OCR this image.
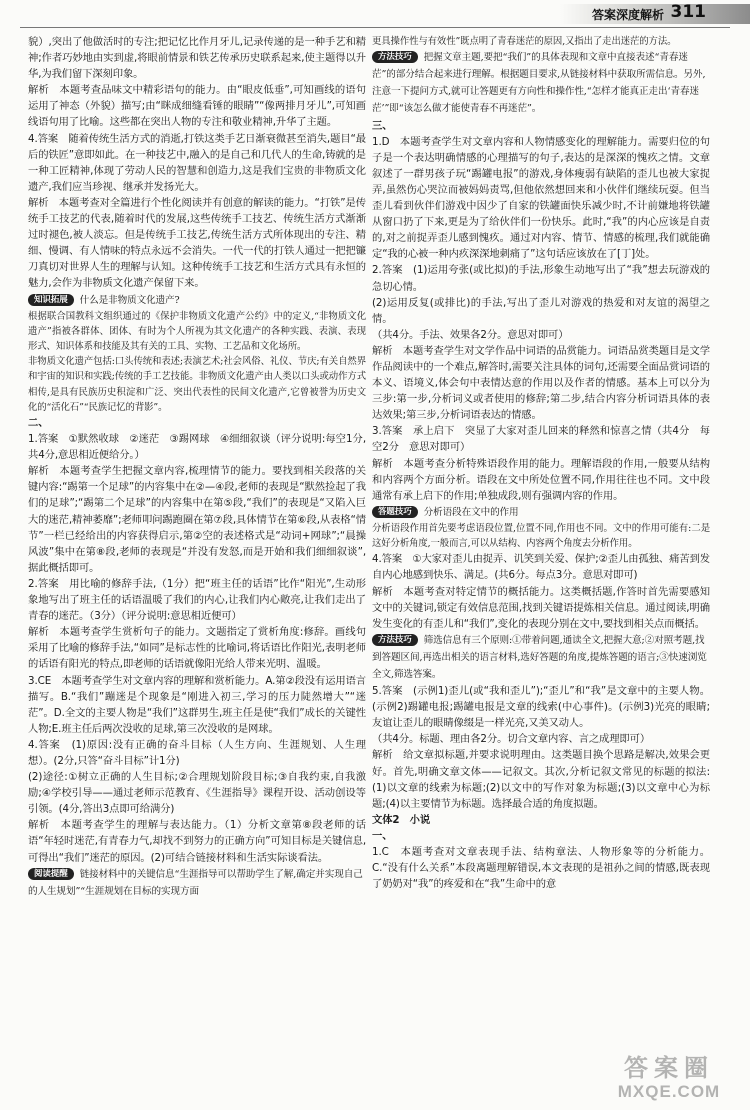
答案深度解析 311

貌）,突出了他做活时的专注;把记忆比作月牙儿,记录传递的是一种手艺和精神;作者巧妙地由实到虚,将眼前情景和铁艺传承历史联系起来,使主题得以升华,为我们留下深刻印象。

解析　本题考查品味文中精彩语句的能力。由“眼皮低垂”,可知画线的语句运用了神态（外貌）描写;由“眯成细缝看锤的眼睛”“像两排月牙儿”,可知画线语句用了比喻。这些都在突出人物的专注和敬业精神,升华了主题。

4.答案　随着传统生活方式的消逝,打铁这类手艺日渐衰微甚至消失,题目“最后的铁匠”意即如此。在一种技艺中,融入的是自己和几代人的生命,铸就的是一种工匠精神,体现了劳动人民的智慧和创造力,这是我们宝贵的非物质文化遗产,我们应当珍视、继承并发扬光大。

解析　本题考查对全篇进行个性化阅读并有创意的解读的能力。“打铁”是传统手工技艺的代表,随着时代的发展,这些传统手工技艺、传统生活方式渐渐过时褪色,被人淡忘。但是传统手工技艺,传统生活方式所体现出的专注、精细、慢调、有人情味的特点永远不会消失。一代一代的打铁人通过一把把镰刀真切对世界人生的理解与认知。这种传统手工技艺和生活方式具有永恒的魅力,会作为非物质文化遗产保留下来。

知识拓展 什么是非物质文化遗产?

根据联合国教科文组织通过的《保护非物质文化遗产公约》中的定义,“非物质文化遗产”指被各群体、团体、有时为个人所视为其文化遗产的各种实践、表演、表现形式、知识体系和技能及其有关的工具、实物、工艺品和文化场所。

非物质文化遗产包括:口头传统和表述;表演艺术;社会风俗、礼仪、节庆;有关自然界和宇宙的知识和实践;传统的手工艺技能。非物质文化遗产由人类以口头或动作方式相传,是具有民族历史积淀和广泛、突出代表性的民间文化遗产,它曾被誉为历史文化的“活化石”“民族记忆的背影”。

二、

1.答案　①默然收球　②迷茫　③踢网球　④细细叙谈（评分说明:每空1分,共4分,意思相近便给分。）

解析　本题考查学生把握文章内容,梳理情节的能力。要找到相关段落的关键内容:“踢第一个足球”的内容集中在②—④段,老师的表现是“默然捡起了我们的足球”;“踢第二个足球”的内容集中在第⑤段,“我们”的表现是“又陷入巨大的迷茫,精神萎靡”;老师叩问踢跑圈在第⑦段,具体情节在第⑥段,从表格“情节”一栏已经给出的内容获得启示,第②空的表述格式是“动词+网球”;“晨操风波”集中在第⑧段,老师的表现是“并没有发怒,而是开始和我们细细叙谈”,据此概括即可。

2.答案　用比喻的修辞手法,（1分）把“班主任的话语”比作“阳光”,生动形象地写出了班主任的话语温暖了我们的内心,让我们内心敞亮,让我们走出了青春的迷茫。（3分）（评分说明:意思相近便可）

解析　本题考查学生赏析句子的能力。文题指定了赏析角度:修辞。画线句采用了比喻的修辞手法,“如同”是标志性的比喻词,将话语比作阳光,表明老师的话语有阳光的特点,即老师的话语就像阳光给人带来光明、温暖。

3.CE　本题考查学生对文章内容的理解和赏析能力。A.第②段没有运用语言描写。B.“我们”蹦迷是个现象是“刚进入初三,学习的压力陡然增大”“迷茫”。D.全文的主要人物是“我们”这群男生,班主任是使“我们”成长的关键性人物;E.班主任后两次没收的足球,第三次没收的是网球。

4.答案　(1)原因:没有正确的奋斗目标（人生方向、生涯规划、人生理想）。(2分,只答“奋斗目标”计1分)

(2)途径:①树立正确的人生目标;②合理规划阶段目标;③自我约束,自我激励;④学校引导——通过老师示范教育、《生涯指导》课程开设、活动创设等引领。(4分,答出3点即可给满分)

解析　本题考查学生的理解与表达能力。（1）分析文章第⑧段老师的话语“年轻时迷茫,有青春力气,却找不到努力的正确方向”可知目标是关键信息,可得出“我们”迷茫的原因。(2)可结合链接材料和生活实际谈看法。

阅读提醒 链接材料中的关键信息“生涯指导可以帮助学生了解,确定并实现自己的人生规划”“生涯规划在目标的实现方面

更具操作性与有效性”既点明了青春迷茫的原因,又指出了走出迷茫的方法。

方法技巧 把握文章主题,要把“我们”的具体表现和文章中直接表述“青春迷茫”的部分结合起来进行理解。根据题目要求,从链接材料中获取所需信息。另外,注意一下提问方式,就可让答题更有方向性和操作性,“怎样才能真正走出‘青春迷茫’”即“该怎么做才能使青春不再迷茫”。

三、

1.D　本题考查学生对文章内容和人物情感变化的理解能力。需要归位的句子是一个表达明确情感的心理描写的句子,表达的是深深的愧疚之情。文章叙述了一群男孩子玩“踢罐电报”的游戏,身体瘦弱有缺陷的歪儿也被大家捉弄,虽然伤心哭泣而被妈妈责骂,但他依然想回来和小伙伴们继续玩耍。但当歪儿看到伙伴们游戏中因少了自家的铁罐面快乐减少时,不计前嫌地将铁罐从窗口扔了下来,更是为了给伙伴们一份快乐。此时,“我”的内心应该是自责的,对之前捉弄歪儿感到愧疚。通过对内容、情节、情感的梳理,我们就能确定“我的心被一种内疚深深地刺痛了”这句话应该放在了[丁]处。

2.答案　(1)运用夸张(或比拟)的手法,形象生动地写出了“我”想去玩游戏的急切心情。

(2)运用反复(或排比)的手法,写出了歪儿对游戏的热爱和对友谊的渴望之情。

（共4分。手法、效果各2分。意思对即可）

解析　本题考查学生对文学作品中词语的品赏能力。词语品赏类题目是文学作品阅读中的一个难点,解答时,需要关注具体的词句,还需要全面品赏词语的本义、语境义,体会句中表情达意的作用以及作者的情感。基本上可以分为三步:第一步,分析词义或者使用的修辞;第二步,结合内容分析词语具体的表达效果;第三步,分析词语表达的情感。

3.答案　承上启下　突显了大家对歪儿回来的释然和惊喜之情（共4分　每空2分　意思对即可）

解析　本题考查分析特殊语段作用的能力。理解语段的作用,一般要从结构和内容两个方面分析。语段在文中所处位置不同,作用往往也不同。文中段通常有承上启下的作用;单独成段,则有强调内容的作用。

答题技巧 分析语段在文中的作用

分析语段作用首先要考虑语段位置,位置不同,作用也不同。文中的作用可能有:二是这好分析角度,一般而言,可以从结构、内容两个角度去分析作用。

4.答案　①大家对歪儿由捉弄、讥笑到关爱、保护;②歪儿由孤独、痛苦到发自内心地感到快乐、满足。(共6分。每点3分。意思对即可)

解析　本题考查对特定情节的概括能力。这类概括题,作答时首先需要感知文中的关键词,锁定有效信息范围,找到关键语提炼相关信息。通过阅读,明确发生变化的有歪儿和“我们”,变化的表现分别在文中,要找到相关点而概括。

方法技巧 筛选信息有三个原则:①带着问题,通读全文,把握大意;②对照考题,找到答题区间,再选出相关的语言材料,选好答题的角度,提炼答题的语言;③快速浏览全文,筛选答案。

5.答案　(示例1)歪儿(或“我和歪儿”);“歪儿”和“我”是文章中的主要人物。(示例2)踢罐电报;踢罐电报是文章的线索(中心事件)。(示例3)光亮的眼睛;友谊让歪儿的眼睛像缀是一样光亮,又美又动人。

（共4分。标题、理由各2分。切合文章内容、言之成理即可）

解析　给文章拟标题,并要求说明理由。这类题目换个思路是解决,效果会更好。首先,明确文章文体——记叙文。其次,分析记叙文常见的标题的拟法:(1)以文章的线索为标题;(2)以文中的写作对象为标题;(3)以文章中心为标题;(4)以主要情节为标题。选择最合适的角度拟题。

文体2　小说

一、

1.C　本题考查对文章表现手法、结构章法、人物形象等的分析能力。C.“没有什么关系”本段离题理解错误,本文表现的是祖孙之间的情感,既表现了奶奶对“我”的疼爱和在“我”生命中的意

答案圈
MXQE.COM
